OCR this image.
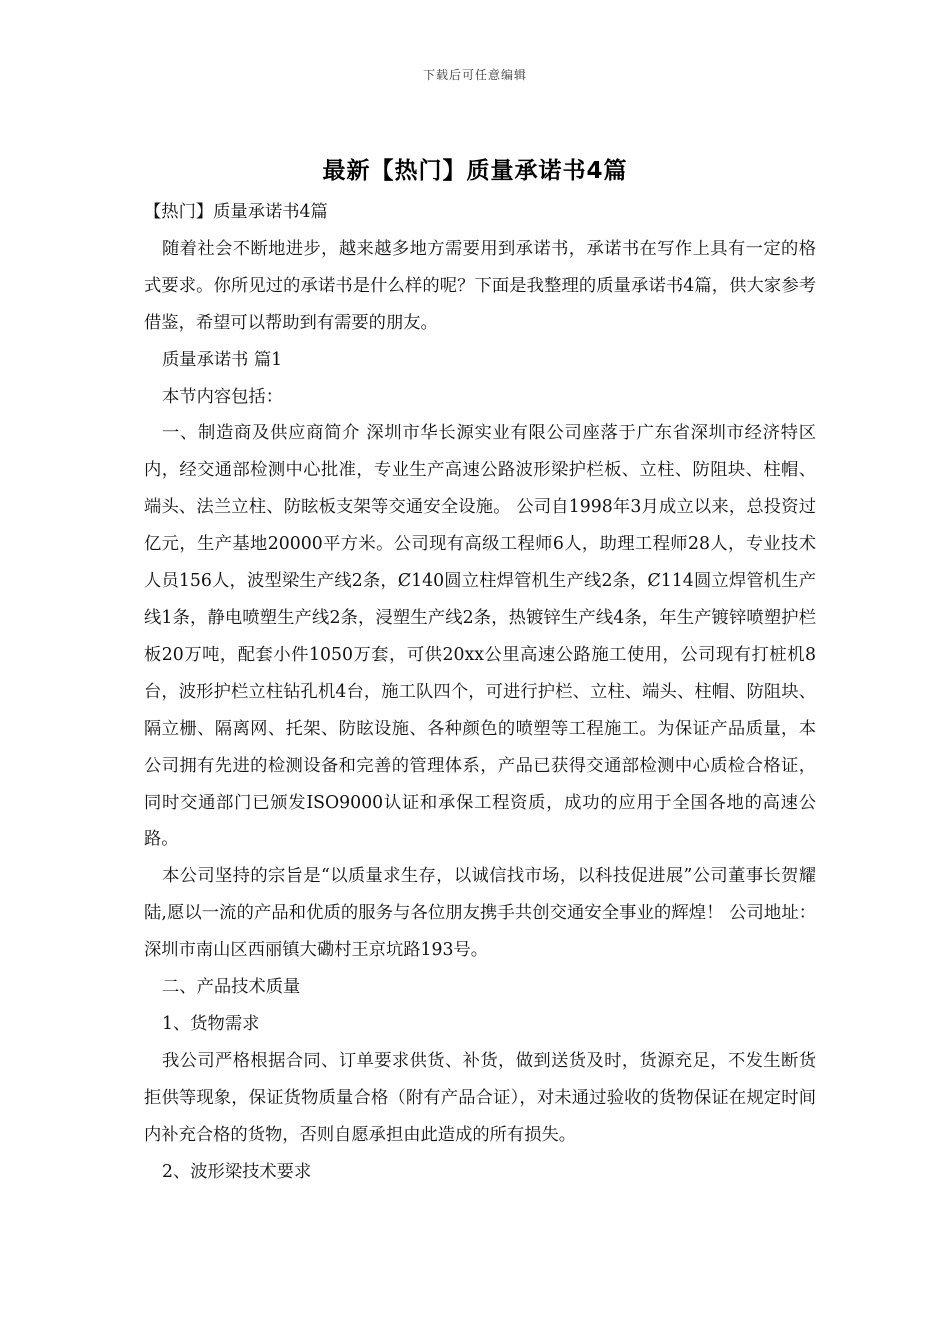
下载后可任意编辑
最新【热门】质量承诺书4篇

【热门】质量承诺书4篇

随着社会不断地进步，越来越多地方需要用到承诺书，承诺书在写作上具有一定的格式要求。你所见过的承诺书是什么样的呢？下面是我整理的质量承诺书4篇，供大家参考借鉴，希望可以帮助到有需要的朋友。

质量承诺书 篇1

本节内容包括：

一、制造商及供应商简介 深圳市华长源实业有限公司座落于广东省深圳市经济特区内，经交通部检测中心批准，专业生产高速公路波形梁护栏板、立柱、防阻块、柱帽、端头、法兰立柱、防眩板支架等交通安全设施。 公司自1998年3月成立以来，总投资过亿元，生产基地20000平方米。公司现有高级工程师6人，助理工程师28人，专业技术人员156人，波型梁生产线2条，Ȼ140圆立柱焊管机生产线2条，Ȼ114圆立焊管机生产线1条，静电喷塑生产线2条，浸塑生产线2条，热镀锌生产线4条，年生产镀锌喷塑护栏板20万吨，配套小件1050万套，可供20xx公里高速公路施工使用，公司现有打桩机8台，波形护栏立柱钻孔机4台，施工队四个，可进行护栏、立柱、端头、柱帽、防阻块、隔立栅、隔离网、托架、防眩设施、各种颜色的喷塑等工程施工。为保证产品质量，本公司拥有先进的检测设备和完善的管理体系，产品已获得交通部检测中心质检合格证，同时交通部门已颁发ISO9000认证和承保工程资质，成功的应用于全国各地的高速公路。

本公司坚持的宗旨是“以质量求生存，以诚信找市场，以科技促进展”公司董事长贺耀陆,愿以一流的产品和优质的服务与各位朋友携手共创交通安全事业的辉煌！ 公司地址：深圳市南山区西丽镇大磡村王京坑路193号。

二、产品技术质量

1、货物需求

我公司严格根据合同、订单要求供货、补货，做到送货及时，货源充足，不发生断货拒供等现象，保证货物质量合格（附有产品合证），对未通过验收的货物保证在规定时间内补充合格的货物，否则自愿承担由此造成的所有损失。

2、波形梁技术要求
